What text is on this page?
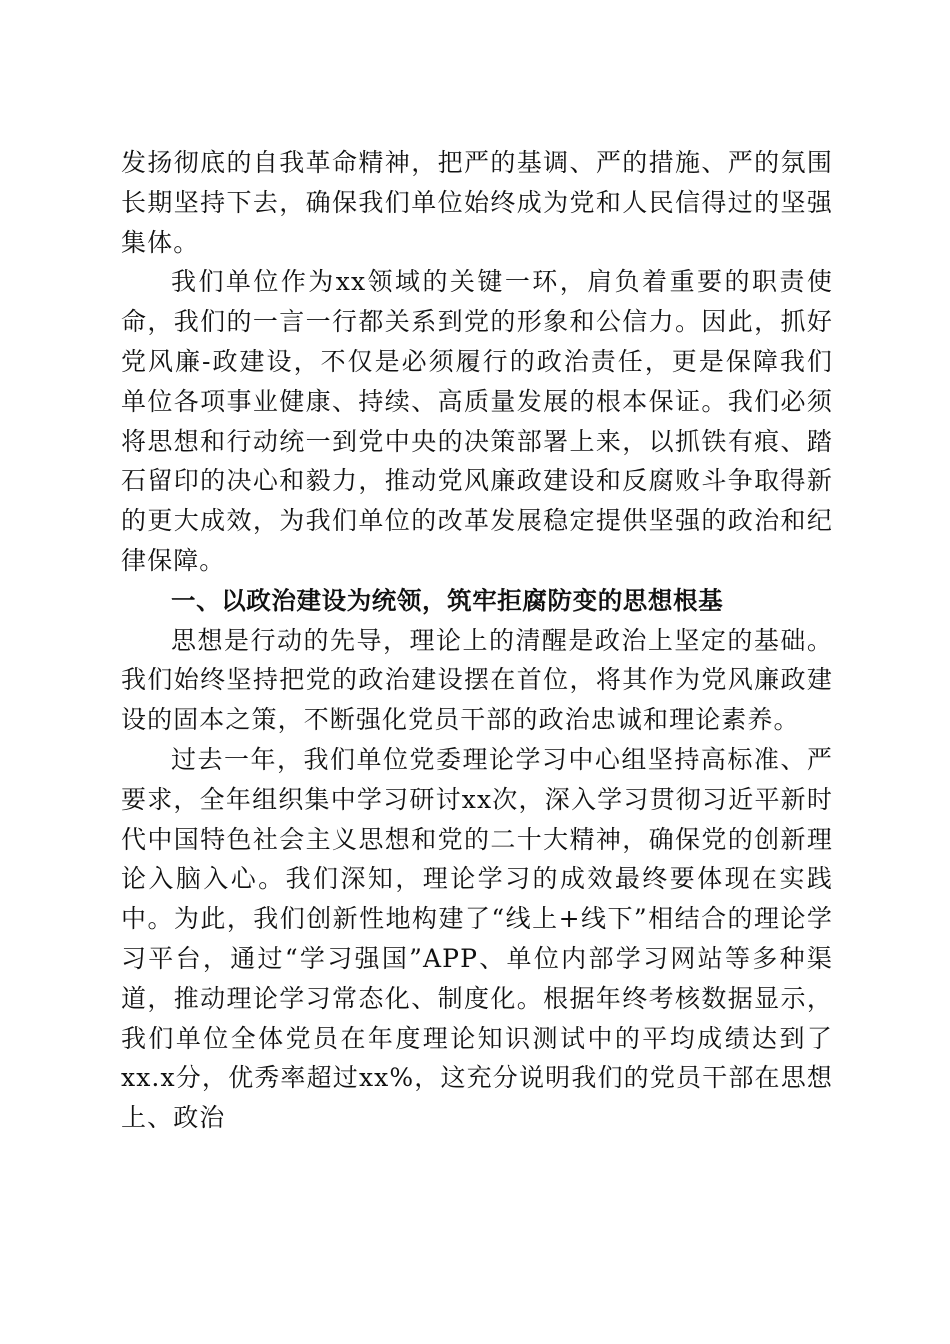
发扬彻底的自我革命精神，把严的基调、严的措施、严的氛围长期坚持下去，确保我们单位始终成为党和人民信得过的坚强集体。

我们单位作为xx领域的关键一环，肩负着重要的职责使命，我们的一言一行都关系到党的形象和公信力。因此，抓好党风廉-政建设，不仅是必须履行的政治责任，更是保障我们单位各项事业健康、持续、高质量发展的根本保证。我们必须将思想和行动统一到党中央的决策部署上来，以抓铁有痕、踏石留印的决心和毅力，推动党风廉政建设和反腐败斗争取得新的更大成效，为我们单位的改革发展稳定提供坚强的政治和纪律保障。

一、以政治建设为统领，筑牢拒腐防变的思想根基

思想是行动的先导，理论上的清醒是政治上坚定的基础。我们始终坚持把党的政治建设摆在首位，将其作为党风廉政建设的固本之策，不断强化党员干部的政治忠诚和理论素养。

过去一年，我们单位党委理论学习中心组坚持高标准、严要求，全年组织集中学习研讨xx次，深入学习贯彻习近平新时代中国特色社会主义思想和党的二十大精神，确保党的创新理论入脑入心。我们深知，理论学习的成效最终要体现在实践中。为此，我们创新性地构建了“线上+线下”相结合的理论学习平台，通过“学习强国”APP、单位内部学习网站等多种渠道，推动理论学习常态化、制度化。根据年终考核数据显示，我们单位全体党员在年度理论知识测试中的平均成绩达到了xx.x分，优秀率超过xx%，这充分说明我们的党员干部在思想上、政治
